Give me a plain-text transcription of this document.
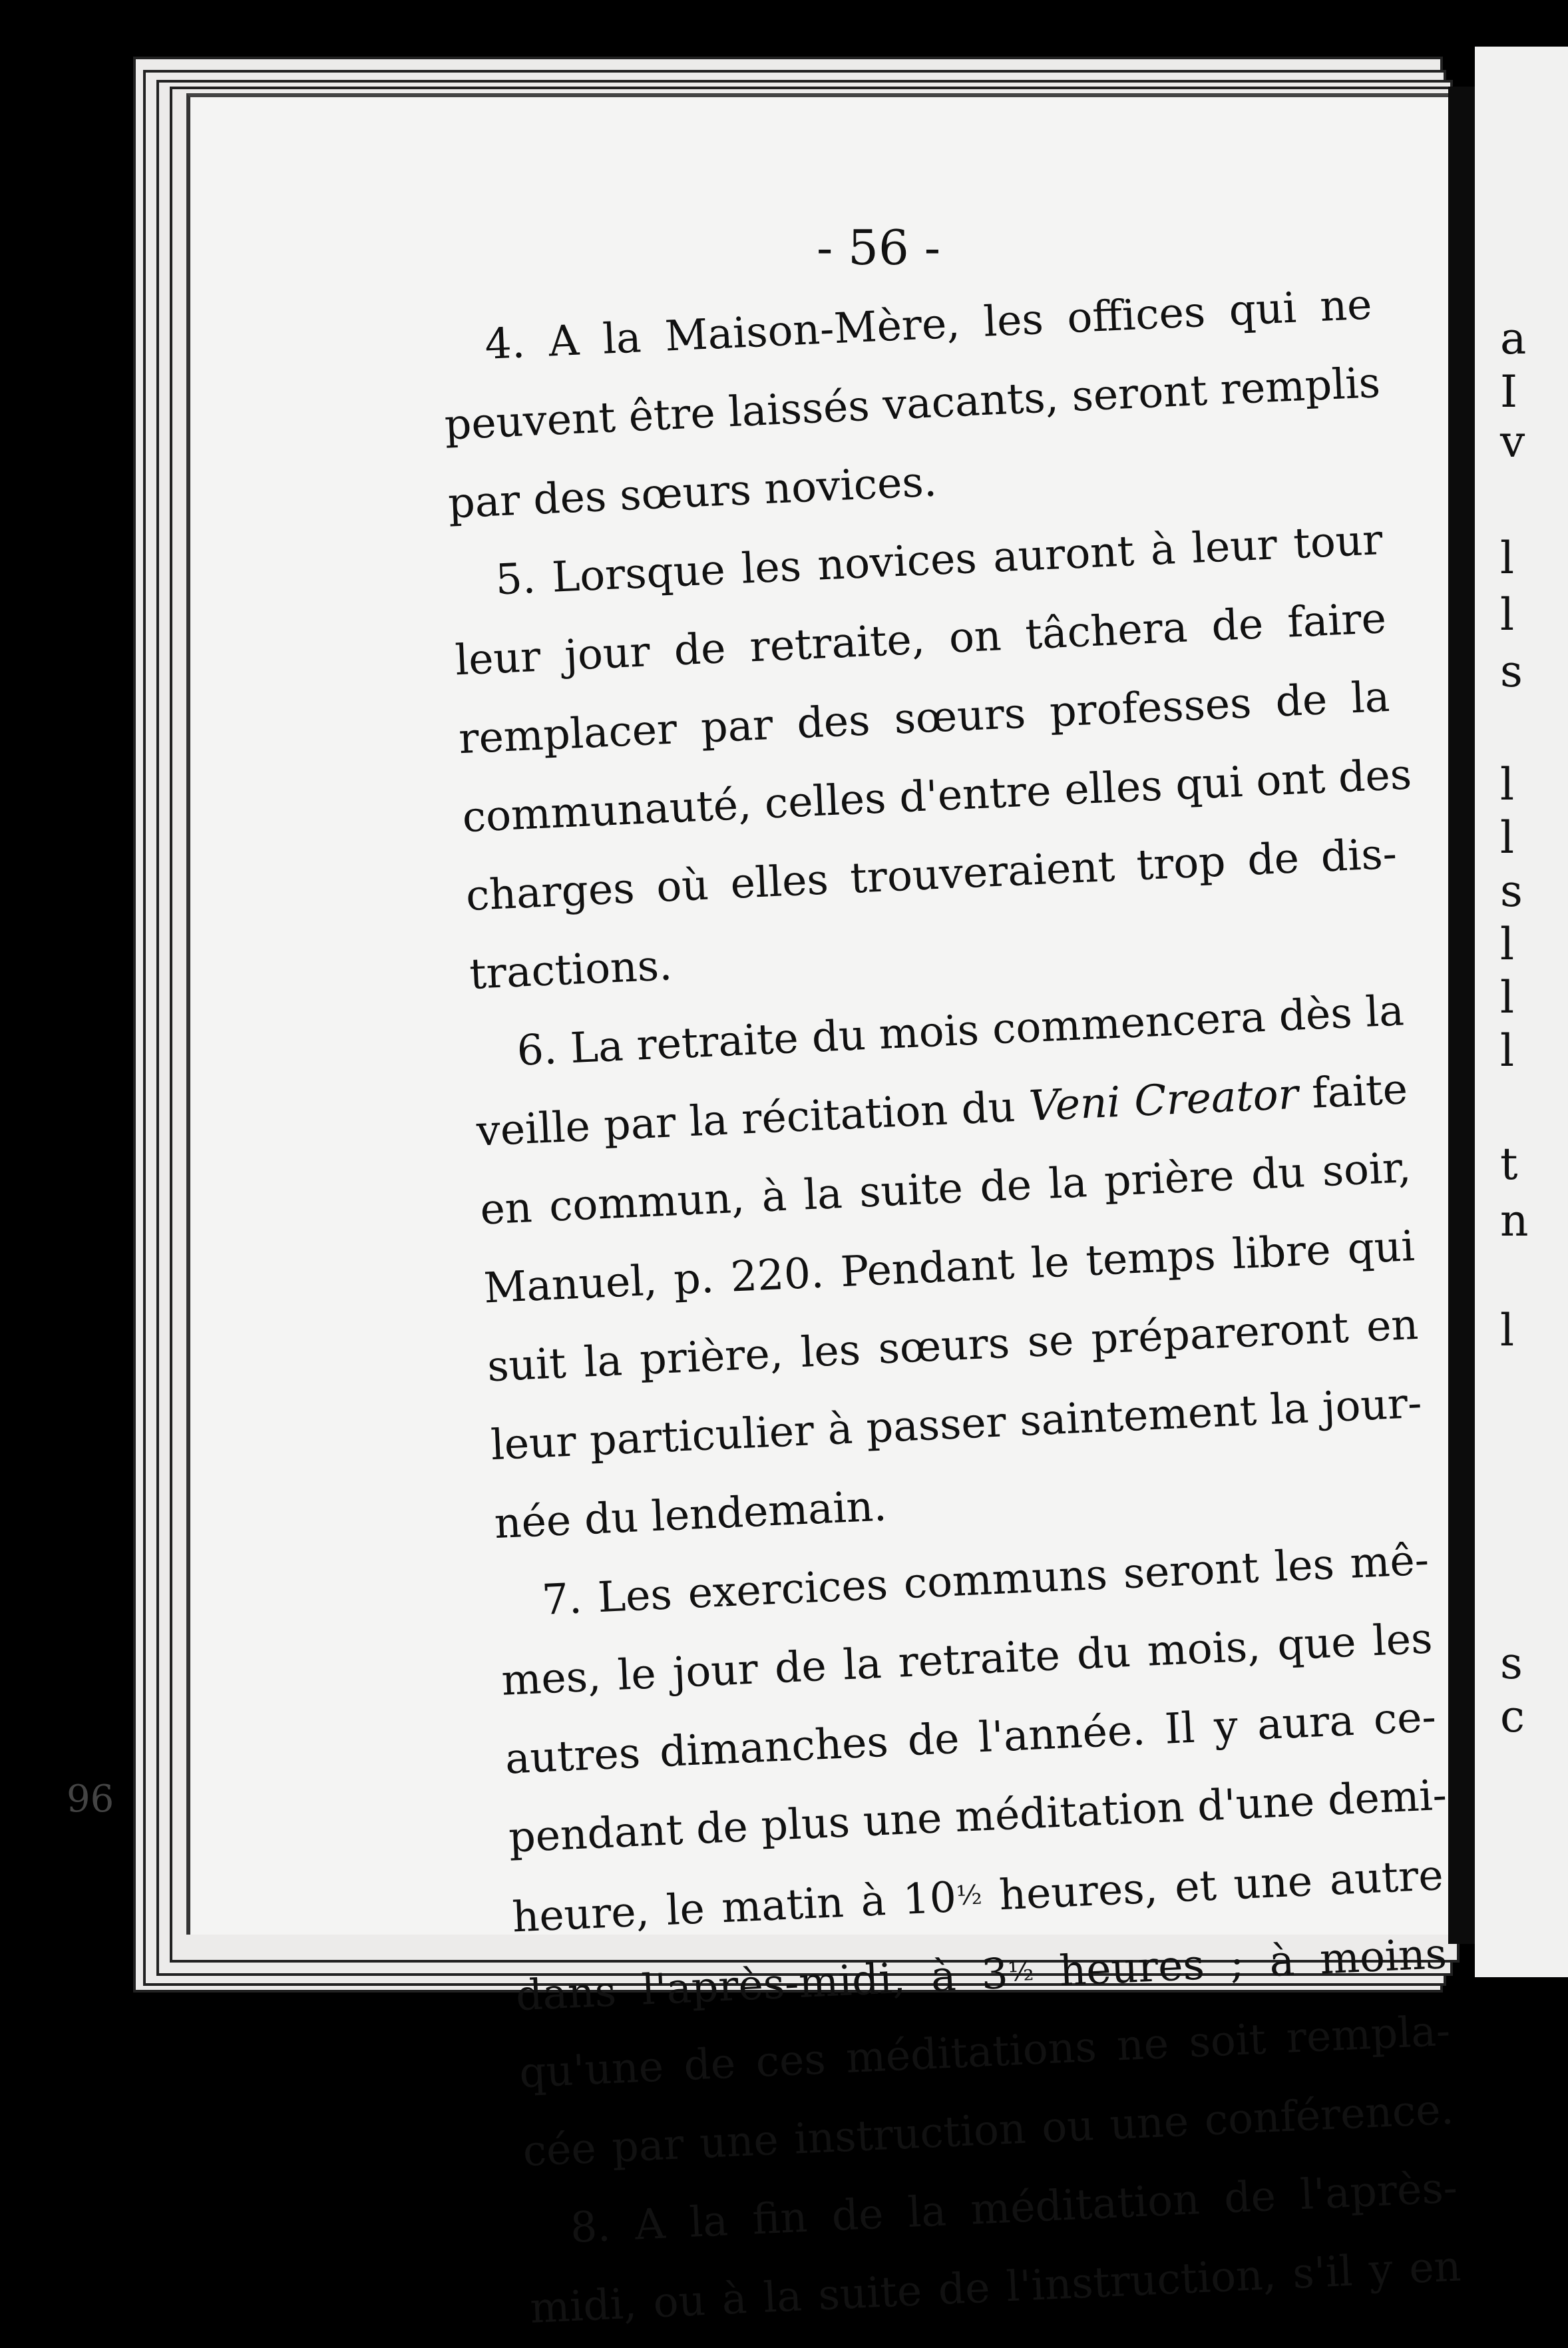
a
I
v
l
l
s
l
l
s
l
l
l
t
n
l
s
c
96
- 56 -
4. A la Maison-Mère, les offices qui ne
peuvent être laissés vacants, seront remplis
par des sœurs novices.
5. Lorsque les novices auront à leur tour
leur jour de retraite, on tâchera de faire
remplacer par des sœurs professes de la
communauté, celles d'entre elles qui ont des
charges où elles trouveraient trop de dis-
tractions.
6. La retraite du mois commencera dès la
veille par la récitation du Veni Creator faite
en commun, à la suite de la prière du soir,
Manuel, p. 220. Pendant le temps libre qui
suit la prière, les sœurs se prépareront en
leur particulier à passer saintement la jour-
née du lendemain.
7. Les exercices communs seront les mê-
mes, le jour de la retraite du mois, que les
autres dimanches de l'année. Il y aura ce-
pendant de plus une méditation d'une demi-
heure, le matin à 10½ heures, et une autre
dans l'après-midi, à 3½ heures ; à moins
qu'une de ces méditations ne soit rempla-
cée par une instruction ou une conférence.
8. A la fin de la méditation de l'après-
midi, ou à la suite de l'instruction, s'il y en
